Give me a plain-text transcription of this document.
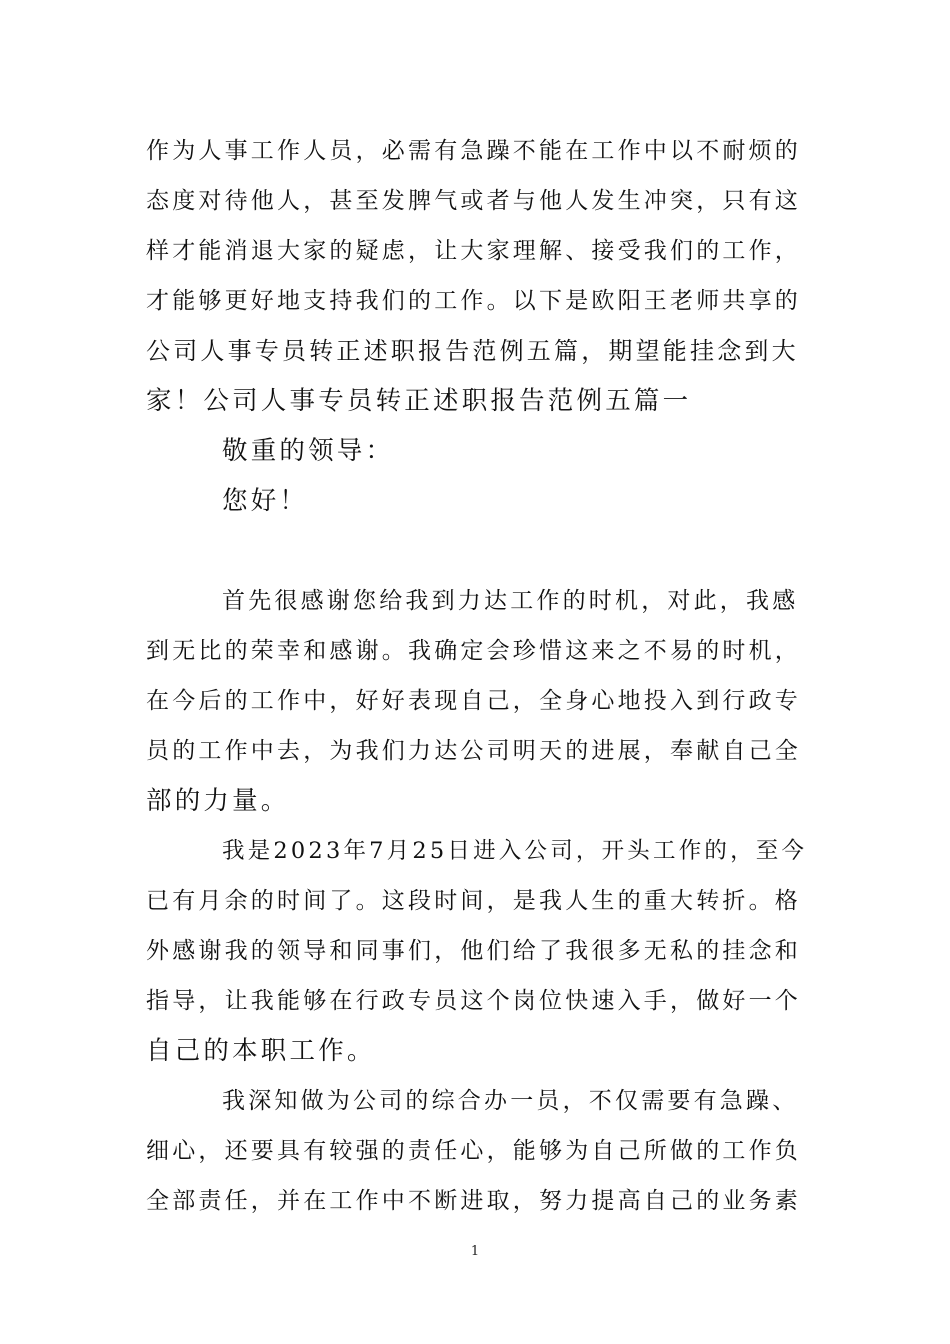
作为人事工作人员，必需有急躁不能在工作中以不耐烦的
态度对待他人，甚至发脾气或者与他人发生冲突，只有这
样才能消退大家的疑虑，让大家理解、接受我们的工作，
才能够更好地支持我们的工作。以下是欧阳王老师共享的
公司人事专员转正述职报告范例五篇，期望能挂念到大
家！公司人事专员转正述职报告范例五篇一
敬重的领导：
您好！
首先很感谢您给我到力达工作的时机，对此，我感
到无比的荣幸和感谢。我确定会珍惜这来之不易的时机，
在今后的工作中，好好表现自己，全身心地投入到行政专
员的工作中去，为我们力达公司明天的进展，奉献自己全
部的力量。
我是2023年7月25日进入公司，开头工作的，至今
已有月余的时间了。这段时间，是我人生的重大转折。格
外感谢我的领导和同事们，他们给了我很多无私的挂念和
指导，让我能够在行政专员这个岗位快速入手，做好一个
自己的本职工作。
我深知做为公司的综合办一员，不仅需要有急躁、
细心，还要具有较强的责任心，能够为自己所做的工作负
全部责任，并在工作中不断进取，努力提高自己的业务素
1
